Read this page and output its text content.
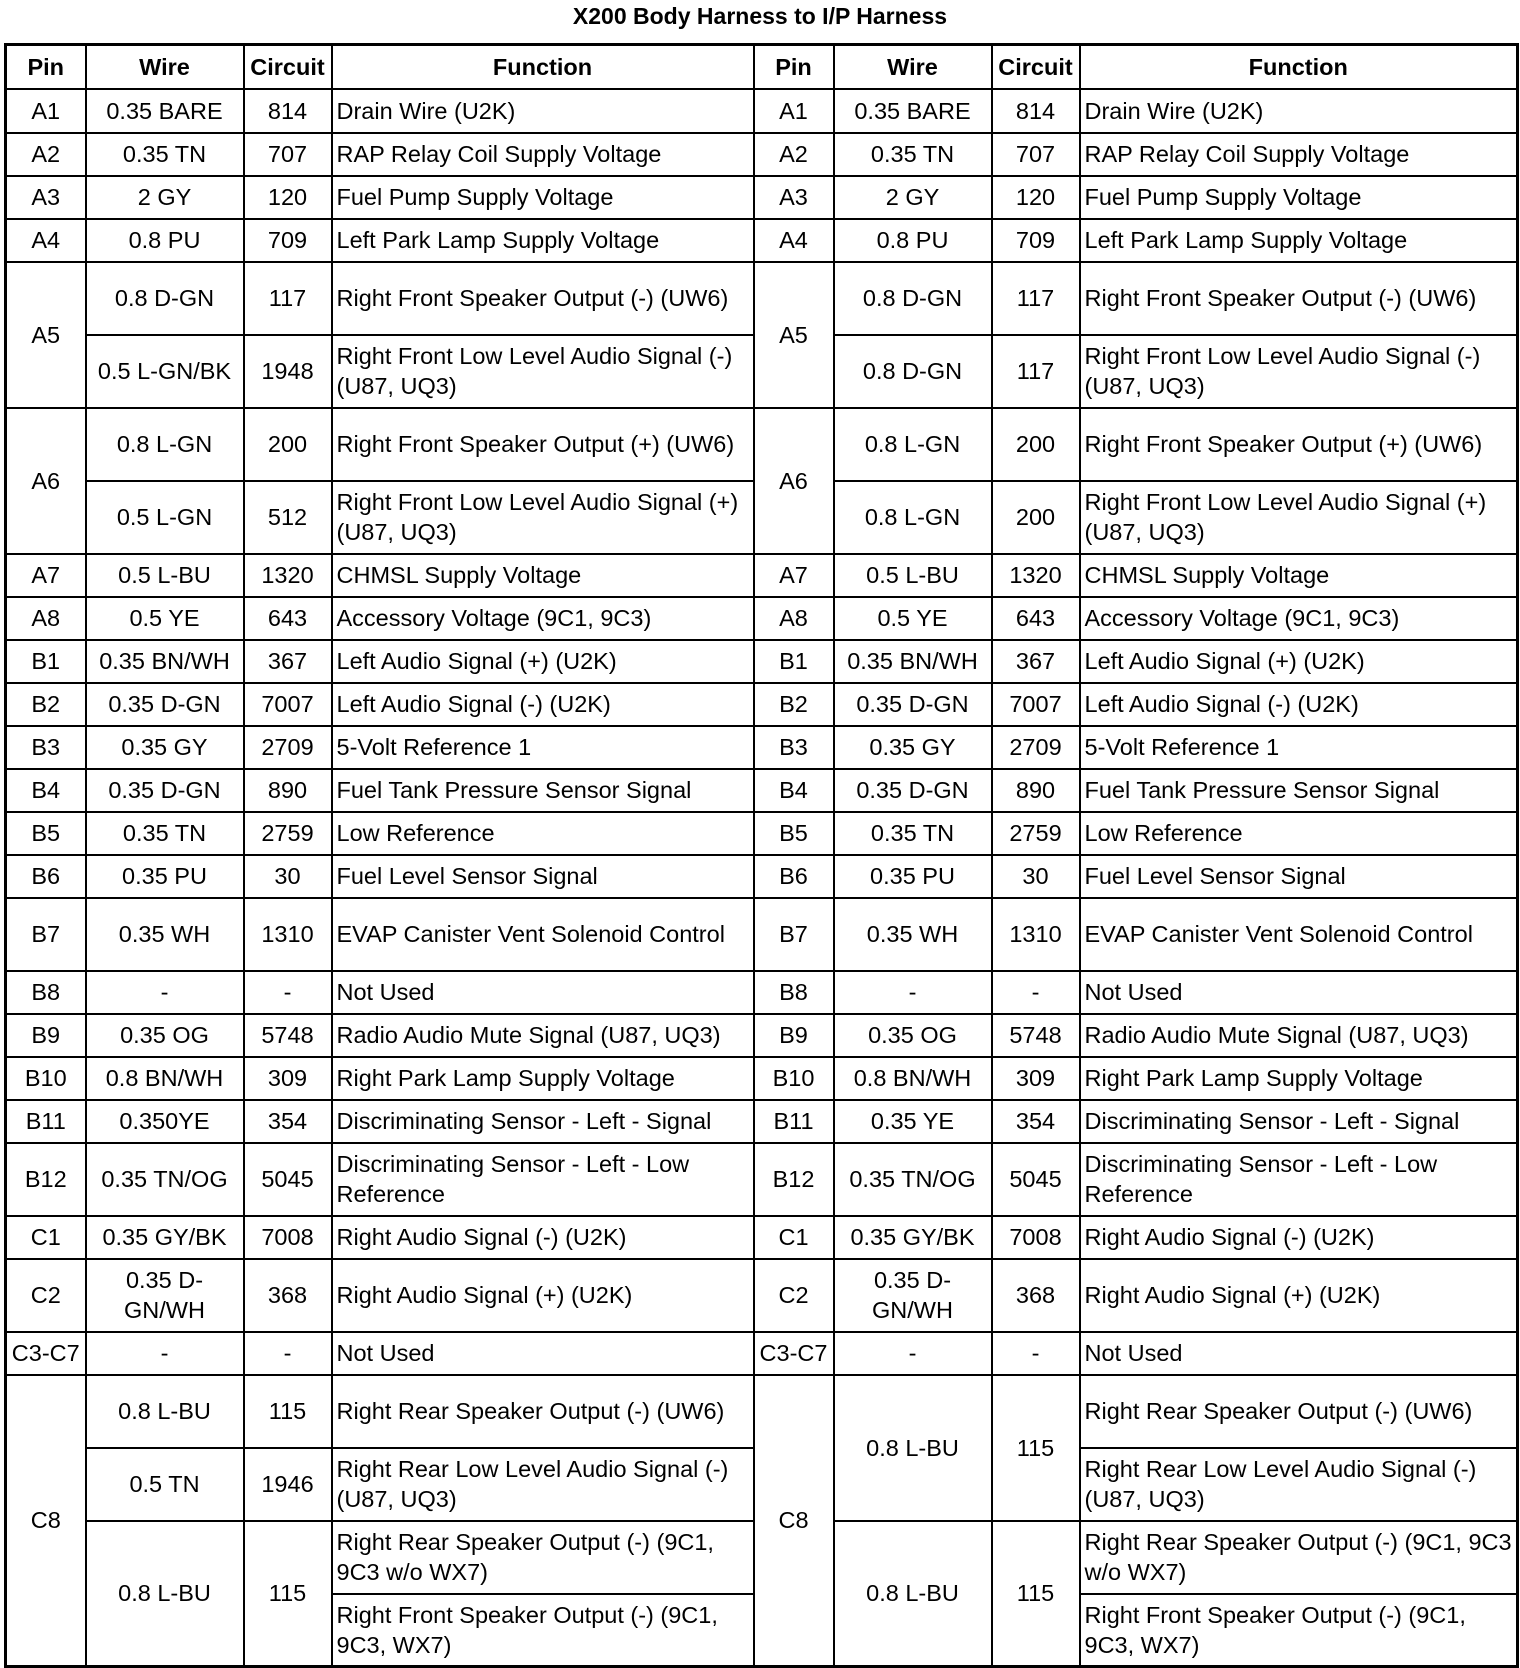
X200 Body Harness to I/P Harness
Pin	Wire	Circuit	Function	Pin	Wire	Circuit	Function
A1	0.35 BARE	814	Drain Wire (U2K)	A1	0.35 BARE	814	Drain Wire (U2K)
A2	0.35 TN	707	RAP Relay Coil Supply Voltage	A2	0.35 TN	707	RAP Relay Coil Supply Voltage
A3	2 GY	120	Fuel Pump Supply Voltage	A3	2 GY	120	Fuel Pump Supply Voltage
A4	0.8 PU	709	Left Park Lamp Supply Voltage	A4	0.8 PU	709	Left Park Lamp Supply Voltage
A5	0.8 D-GN	117	Right Front Speaker Output (-) (UW6)	A5	0.8 D-GN	117	Right Front Speaker Output (-) (UW6)
	0.5 L-GN/BK	1948	Right Front Low Level Audio Signal (-) (U87, UQ3)		0.8 D-GN	117	Right Front Low Level Audio Signal (-) (U87, UQ3)
A6	0.8 L-GN	200	Right Front Speaker Output (+) (UW6)	A6	0.8 L-GN	200	Right Front Speaker Output (+) (UW6)
	0.5 L-GN	512	Right Front Low Level Audio Signal (+) (U87, UQ3)		0.8 L-GN	200	Right Front Low Level Audio Signal (+) (U87, UQ3)
A7	0.5 L-BU	1320	CHMSL Supply Voltage	A7	0.5 L-BU	1320	CHMSL Supply Voltage
A8	0.5 YE	643	Accessory Voltage (9C1, 9C3)	A8	0.5 YE	643	Accessory Voltage (9C1, 9C3)
B1	0.35 BN/WH	367	Left Audio Signal (+) (U2K)	B1	0.35 BN/WH	367	Left Audio Signal (+) (U2K)
B2	0.35 D-GN	7007	Left Audio Signal (-) (U2K)	B2	0.35 D-GN	7007	Left Audio Signal (-) (U2K)
B3	0.35 GY	2709	5-Volt Reference 1	B3	0.35 GY	2709	5-Volt Reference 1
B4	0.35 D-GN	890	Fuel Tank Pressure Sensor Signal	B4	0.35 D-GN	890	Fuel Tank Pressure Sensor Signal
B5	0.35 TN	2759	Low Reference	B5	0.35 TN	2759	Low Reference
B6	0.35 PU	30	Fuel Level Sensor Signal	B6	0.35 PU	30	Fuel Level Sensor Signal
B7	0.35 WH	1310	EVAP Canister Vent Solenoid Control	B7	0.35 WH	1310	EVAP Canister Vent Solenoid Control
B8	-	-	Not Used	B8	-	-	Not Used
B9	0.35 OG	5748	Radio Audio Mute Signal (U87, UQ3)	B9	0.35 OG	5748	Radio Audio Mute Signal (U87, UQ3)
B10	0.8 BN/WH	309	Right Park Lamp Supply Voltage	B10	0.8 BN/WH	309	Right Park Lamp Supply Voltage
B11	0.350YE	354	Discriminating Sensor - Left - Signal	B11	0.35 YE	354	Discriminating Sensor - Left - Signal
B12	0.35 TN/OG	5045	Discriminating Sensor - Left - Low Reference	B12	0.35 TN/OG	5045	Discriminating Sensor - Left - Low Reference
C1	0.35 GY/BK	7008	Right Audio Signal (-) (U2K)	C1	0.35 GY/BK	7008	Right Audio Signal (-) (U2K)
C2	0.35 D-GN/WH	368	Right Audio Signal (+) (U2K)	C2	0.35 D-GN/WH	368	Right Audio Signal (+) (U2K)
C3-C7	-	-	Not Used	C3-C7	-	-	Not Used
C8	0.8 L-BU	115	Right Rear Speaker Output (-) (UW6)	C8	0.8 L-BU	115	Right Rear Speaker Output (-) (UW6)
	0.5 TN	1946	Right Rear Low Level Audio Signal (-) (U87, UQ3)				Right Rear Low Level Audio Signal (-) (U87, UQ3)
	0.8 L-BU	115	Right Rear Speaker Output (-) (9C1, 9C3 w/o WX7)		0.8 L-BU	115	Right Rear Speaker Output (-) (9C1, 9C3 w/o WX7)
			Right Front Speaker Output (-) (9C1, 9C3, WX7)				Right Front Speaker Output (-) (9C1, 9C3, WX7)
